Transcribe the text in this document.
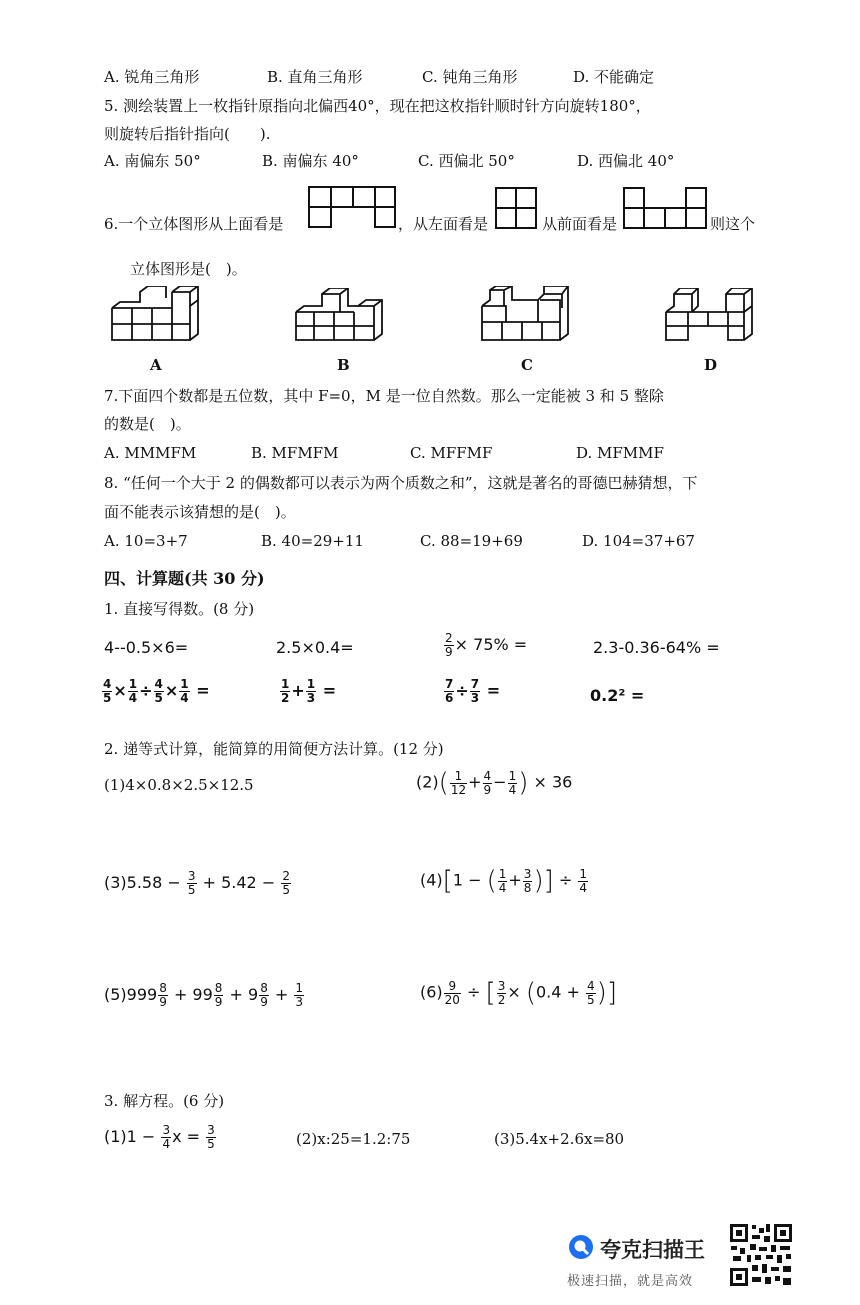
A. 锐角三角形	B. 直角三角形	C. 钝角三角形	D. 不能确定
5. 测绘装置上一枚指针原指向北偏西40°，现在把这枚指针顺时针方向旋转180°，
则旋转后指针指向(　　).
A. 南偏东 50°	B. 南偏东 40°	C. 西偏北 50°	D. 西偏北 40°
6.一个立体图形从上面看是	，从左面看是	从前面看是	则这个
立体图形是(　)。
A	B	C	D
7.下面四个数都是五位数，其中 F=0，M 是一位自然数。那么一定能被 3 和 5 整除
的数是(　)。
A. MMMFM	B. MFMFM	C. MFFMF	D. MFMMF
8. “任何一个大于 2 的偶数都可以表示为两个质数之和”，这就是著名的哥德巴赫猜想，下
面不能表示该猜想的是(　)。
A. 10=3+7	B. 40=29+11	C. 88=19+69	D. 104=37+67
四、计算题(共 30 分)
1. 直接写得数。(8 分)
4--0.5×6=	2.5×0.4=	$\frac{2}{9} \times 75\%$ =	2.3-0.36-64% =
$\frac{4}{5} \times \frac{1}{4} \div \frac{4}{5} \times \frac{1}{4}$ =	$\frac{1}{2} + \frac{1}{3}$ =	$\frac{7}{6} \div \frac{7}{3}$ =	0.2² =
2. 递等式计算，能简算的用简便方法计算。(12 分)
(1)4×0.8×2.5×12.5	$(2)( \frac{1}{12} + \frac{4}{9} - \frac{1}{4}$ ) × 36
$(3)5.58 - \frac{3}{5} + 5.42 - \frac{2}{5}$	(4)[1 − ( $\frac{1}{4} + \frac{3}{8}$ )] ÷ $\frac{1}{4}$
$(5)999 \frac{8}{9} + 99 \frac{8}{9} + 9 \frac{8}{9} + \frac{1}{3}$	$(6) \frac{9}{20}$ ÷ [ $\frac{3}{2} \times (0.4 + \frac{4}{5}$ )]
3. 解方程。(6 分)
$(1)1 - \frac{3}{4}$ $x = \frac{3}{5}$	(2)x:25=1.2:75	(3)5.4x+2.6x=80
夸克扫描王
极速扫描，就是高效
